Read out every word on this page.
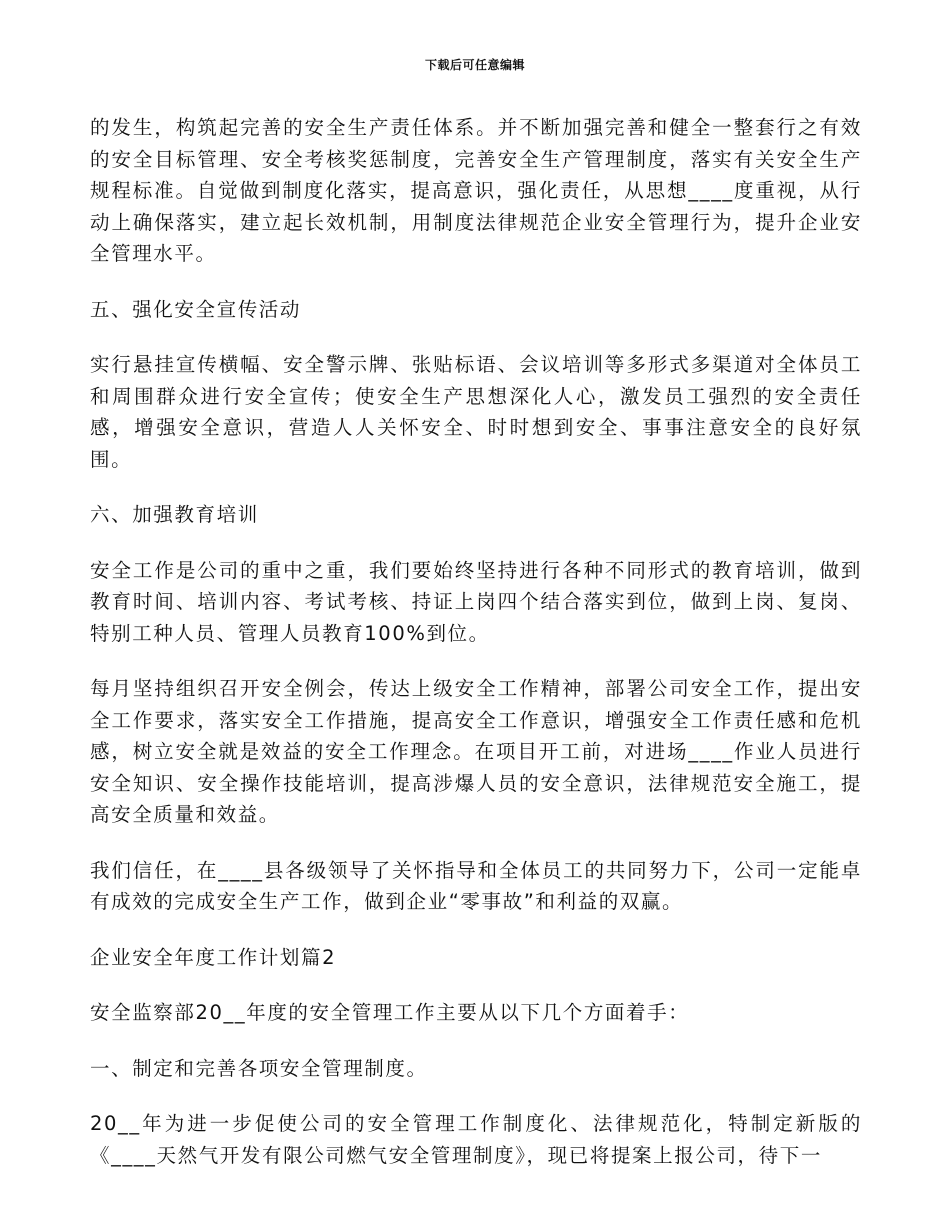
下载后可任意编辑

的发生，构筑起完善的安全生产责任体系。并不断加强完善和健全一整套行之有效的安全目标管理、安全考核奖惩制度，完善安全生产管理制度，落实有关安全生产规程标准。自觉做到制度化落实，提高意识，强化责任，从思想____度重视，从行动上确保落实，建立起长效机制，用制度法律规范企业安全管理行为，提升企业安全管理水平。

五、强化安全宣传活动

实行悬挂宣传横幅、安全警示牌、张贴标语、会议培训等多形式多渠道对全体员工和周围群众进行安全宣传；使安全生产思想深化人心，激发员工强烈的安全责任感，增强安全意识，营造人人关怀安全、时时想到安全、事事注意安全的良好氛围。

六、加强教育培训

安全工作是公司的重中之重，我们要始终坚持进行各种不同形式的教育培训，做到教育时间、培训内容、考试考核、持证上岗四个结合落实到位，做到上岗、复岗、特别工种人员、管理人员教育100%到位。

每月坚持组织召开安全例会，传达上级安全工作精神，部署公司安全工作，提出安全工作要求，落实安全工作措施，提高安全工作意识，增强安全工作责任感和危机感，树立安全就是效益的安全工作理念。在项目开工前，对进场____作业人员进行安全知识、安全操作技能培训，提高涉爆人员的安全意识，法律规范安全施工，提高安全质量和效益。

我们信任，在____县各级领导了关怀指导和全体员工的共同努力下，公司一定能卓有成效的完成安全生产工作，做到企业“零事故”和利益的双赢。

企业安全年度工作计划篇2

安全监察部20__年度的安全管理工作主要从以下几个方面着手：

一、制定和完善各项安全管理制度。

20__年为进一步促使公司的安全管理工作制度化、法律规范化，特制定新版的《____天然气开发有限公司燃气安全管理制度》，现已将提案上报公司，待下一
